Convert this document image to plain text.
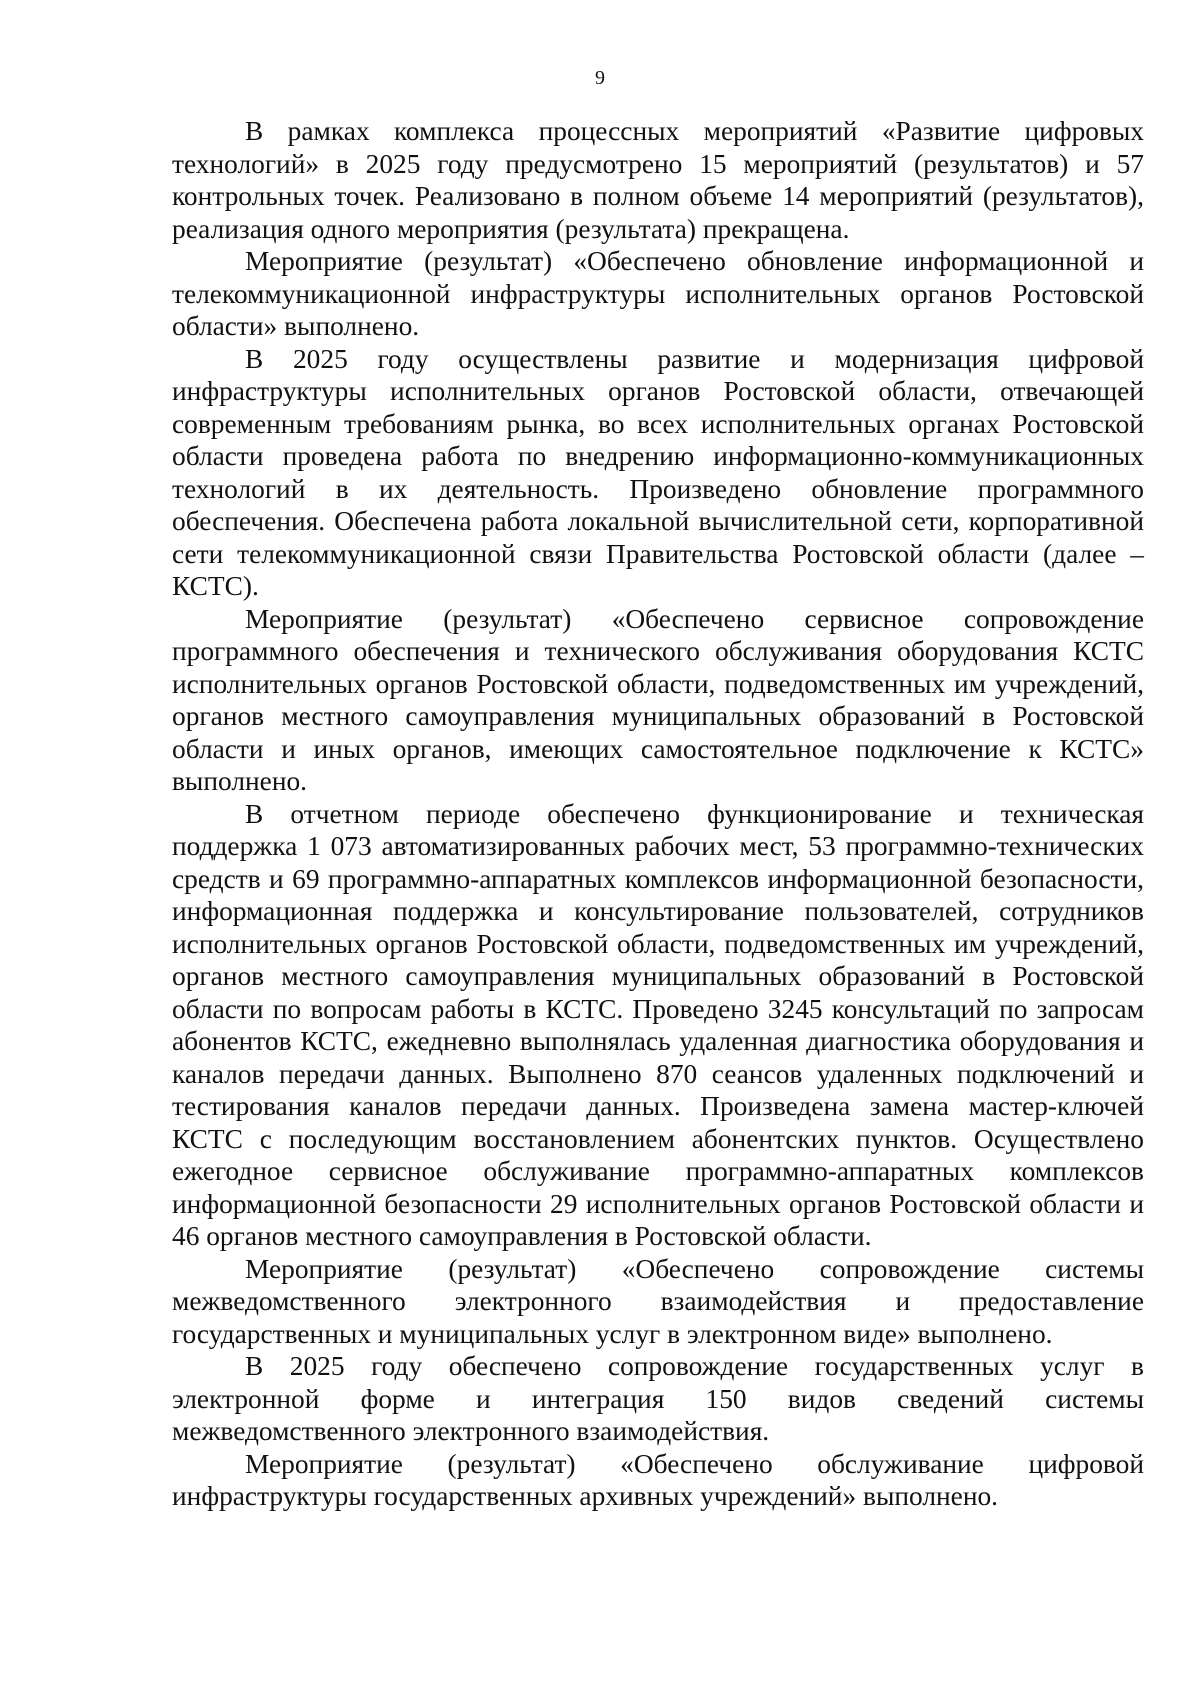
9

В рамках комплекса процессных мероприятий «Развитие цифровых технологий» в 2025 году предусмотрено 15 мероприятий (результатов) и 57 контрольных точек. Реализовано в полном объеме 14 мероприятий (результатов), реализация одного мероприятия (результата) прекращена.

Мероприятие (результат) «Обеспечено обновление информационной и телекоммуникационной инфраструктуры исполнительных органов Ростовской области» выполнено.

В 2025 году осуществлены развитие и модернизация цифровой инфраструктуры исполнительных органов Ростовской области, отвечающей современным требованиям рынка, во всех исполнительных органах Ростовской области проведена работа по внедрению информационно-коммуникационных технологий в их деятельность. Произведено обновление программного обеспечения. Обеспечена работа локальной вычислительной сети, корпоративной сети телекоммуникационной связи Правительства Ростовской области (далее – КСТС).

Мероприятие (результат) «Обеспечено сервисное сопровождение программного обеспечения и технического обслуживания оборудования КСТС исполнительных органов Ростовской области, подведомственных им учреждений, органов местного самоуправления муниципальных образований в Ростовской области и иных органов, имеющих самостоятельное подключение к КСТС» выполнено.

В отчетном периоде обеспечено функционирование и техническая поддержка 1 073 автоматизированных рабочих мест, 53 программно-технических средств и 69 программно-аппаратных комплексов информационной безопасности, информационная поддержка и консультирование пользователей, сотрудников исполнительных органов Ростовской области, подведомственных им учреждений, органов местного самоуправления муниципальных образований в Ростовской области по вопросам работы в КСТС. Проведено 3245 консультаций по запросам абонентов КСТС, ежедневно выполнялась удаленная диагностика оборудования и каналов передачи данных. Выполнено 870 сеансов удаленных подключений и тестирования каналов передачи данных. Произведена замена мастер-ключей КСТС с последующим восстановлением абонентских пунктов. Осуществлено ежегодное сервисное обслуживание программно-аппаратных комплексов информационной безопасности 29 исполнительных органов Ростовской области и 46 органов местного самоуправления в Ростовской области.

Мероприятие (результат) «Обеспечено сопровождение системы межведомственного электронного взаимодействия и предоставление государственных и муниципальных услуг в электронном виде» выполнено.

В 2025 году обеспечено сопровождение государственных услуг в электронной форме и интеграция 150 видов сведений системы межведомственного электронного взаимодействия.

Мероприятие (результат) «Обеспечено обслуживание цифровой инфраструктуры государственных архивных учреждений» выполнено.
